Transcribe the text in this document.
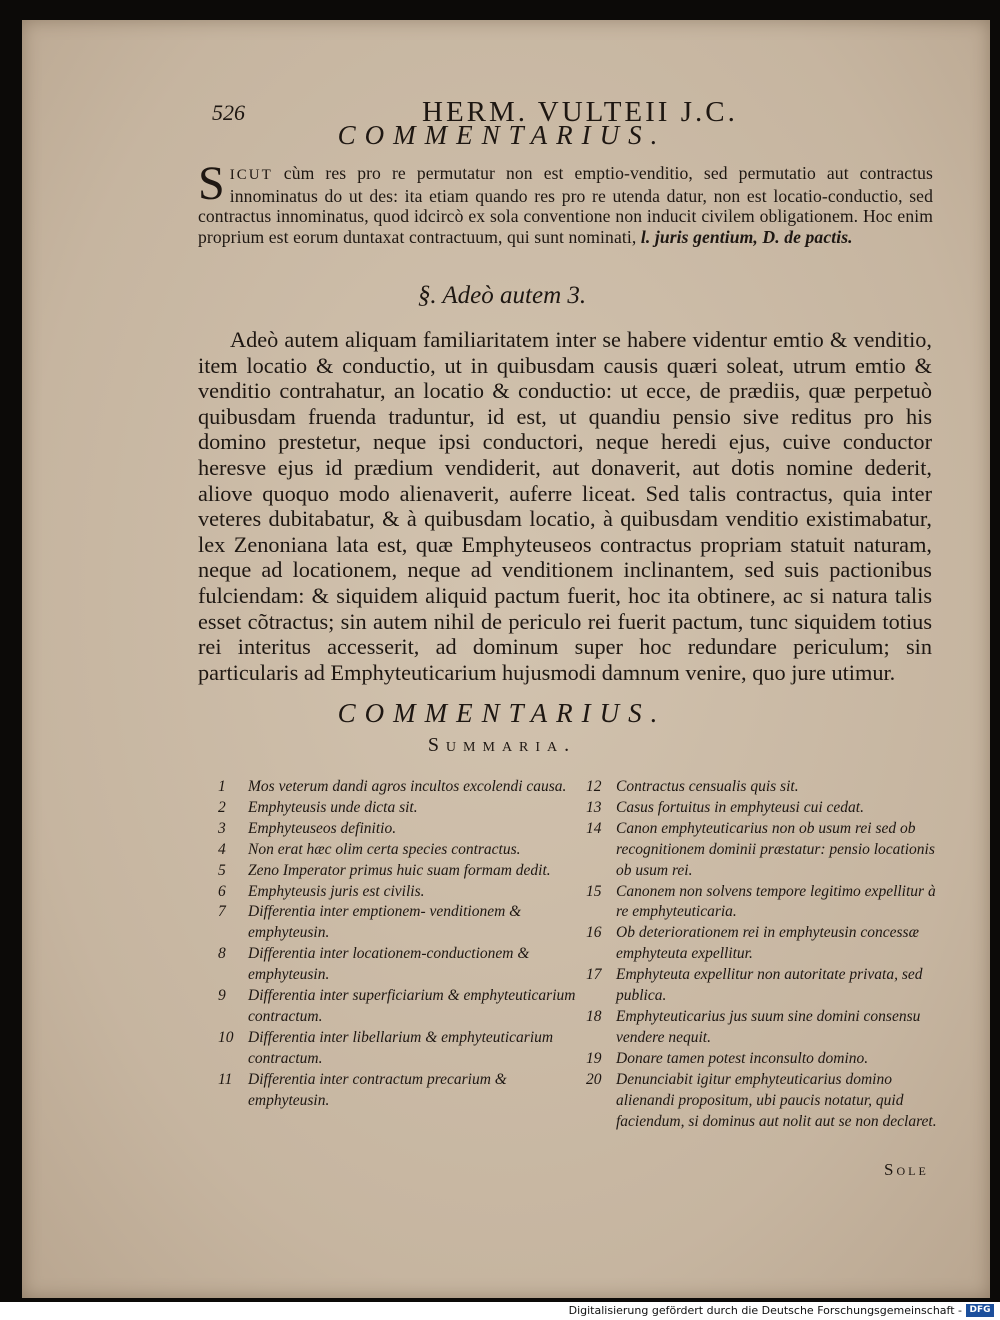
526	HERM. VULTEII J.C.
COMMENTARIUS.

SICUT cùm res pro re permutatur non est emptio-venditio, sed permutatio aut contractus innominatus do ut des: ita etiam quando res pro re utenda datur, non est locatio-conductio, sed contractus innominatus, quod idcircò ex sola conventione non inducit civilem obligationem. Hoc enim proprium est eorum duntaxat contractuum, qui sunt nominati, l. juris gentium, D. de pactis.

§. Adeò autem 3.

Adeò autem aliquam familiaritatem inter se habere videntur emtio & venditio, item locatio & conductio, ut in quibusdam causis quæri soleat, utrum emtio & venditio contrahatur, an locatio & conductio: ut ecce, de prædiis, quæ perpetuò quibusdam fruenda traduntur, id est, ut quandiu pensio sive reditus pro his domino prestetur, neque ipsi conductori, neque heredi ejus, cuive conductor heresve ejus id prædium vendiderit, aut donaverit, aut dotis nomine dederit, aliove quoquo modo alienaverit, auferre liceat. Sed talis contractus, quia inter veteres dubitabatur, & à quibusdam locatio, à quibusdam venditio existimabatur, lex Zenoniana lata est, quæ Emphyteuseos contractus propriam statuit naturam, neque ad locationem, neque ad venditionem inclinantem, sed suis pactionibus fulciendam: & siquidem aliquid pactum fuerit, hoc ita obtinere, ac si natura talis esset cõtractus; sin autem nihil de periculo rei fuerit pactum, tunc siquidem totius rei interitus accesserit, ad dominum super hoc redundare periculum; sin particularis ad Emphyteuticarium hujusmodi damnum venire, quo jure utimur.

COMMENTARIUS.
Summaria.
1	Mos veterum dandi agros incultos excolendi causa.
2	Emphyteusis unde dicta sit.
3	Emphyteuseos definitio.
4	Non erat hæc olim certa species contractus.
5	Zeno Imperator primus huic suam formam dedit.
6	Emphyteusis juris est civilis.
7	Differentia inter emptionem- venditionem & emphyteusin.
8	Differentia inter locationem-conductionem & emphyteusin.
9	Differentia inter superficiarium & emphyteuticarium contractum.
10 Differentia inter libellarium & emphyteuticarium contractum.
11	Differentia inter contractum precarium & emphyteusin.
12 Contractus censualis quis sit.
13 Casus fortuitus in emphyteusi cui cedat.
14 Canon emphyteuticarius non ob usum rei sed ob recognitionem dominii præstatur: pensio locationis ob usum rei.
15 Canonem non solvens tempore legitimo expellitur à re emphyteuticaria.
16 Ob deteriorationem rei in emphyteusin concessæ emphyteuta expellitur.
17 Emphyteuta expellitur non autoritate privata, sed publica.
18 Emphyteuticarius jus suum sine domini consensu vendere nequit.
19 Donare tamen potest inconsulto domino.
20 Denunciabit igitur emphyteuticarius domino alienandi propositum, ubi paucis notatur, quid faciendum, si dominus aut nolit aut se non declaret.
Sole
Digitalisierung gefördert durch die Deutsche Forschungsgemeinschaft - DFG
